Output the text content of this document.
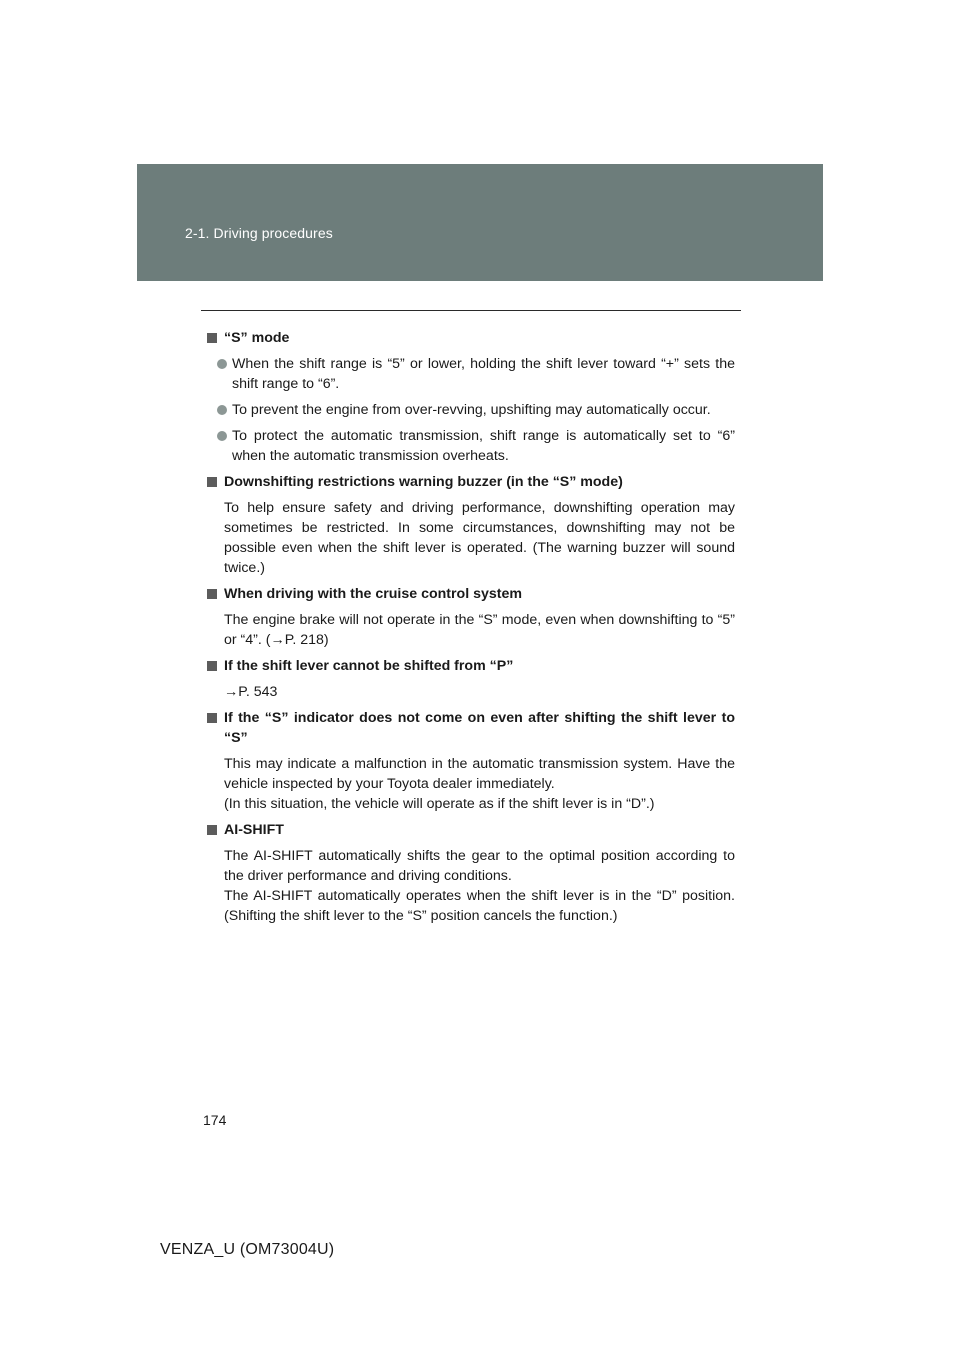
2-1. Driving procedures
“S” mode
When the shift range is “5” or lower, holding the shift lever toward “+” sets the shift range to “6”.
To prevent the engine from over-revving, upshifting may automatically occur.
To protect the automatic transmission, shift range is automatically set to “6” when the automatic transmission overheats.
Downshifting restrictions warning buzzer (in the “S” mode)

To help ensure safety and driving performance, downshifting operation may sometimes be restricted. In some circumstances, downshifting may not be possible even when the shift lever is operated. (The warning buzzer will sound twice.)

When driving with the cruise control system

The engine brake will not operate in the “S” mode, even when downshifting to “5” or “4”. (→P. 218)

If the shift lever cannot be shifted from “P”

→P. 543

If the “S” indicator does not come on even after shifting the shift lever to “S”

This may indicate a malfunction in the automatic transmission system. Have the vehicle inspected by your Toyota dealer immediately.

(In this situation, the vehicle will operate as if the shift lever is in “D”.)

AI-SHIFT

The AI-SHIFT automatically shifts the gear to the optimal position according to the driver performance and driving conditions.

The AI-SHIFT automatically operates when the shift lever is in the “D” position. (Shifting the shift lever to the “S” position cancels the function.)

174
VENZA_U (OM73004U)
